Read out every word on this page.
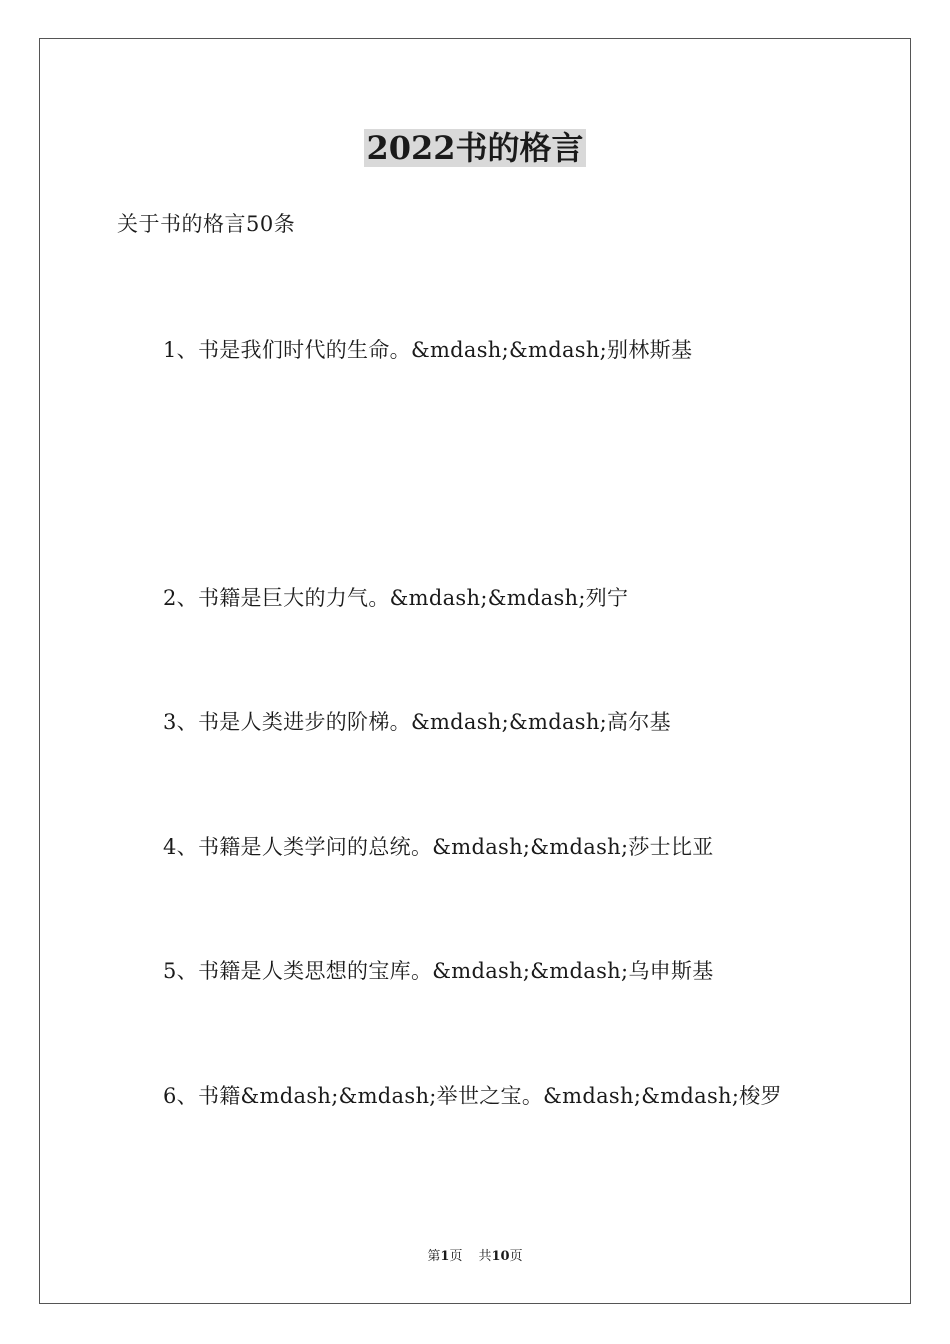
2022书的格言
关于书的格言50条
1、书是我们时代的生命。&mdash;&mdash;别林斯基
2、书籍是巨大的力气。&mdash;&mdash;列宁
3、书是人类进步的阶梯。&mdash;&mdash;高尔基
4、书籍是人类学问的总统。&mdash;&mdash;莎士比亚
5、书籍是人类思想的宝库。&mdash;&mdash;乌申斯基
6、书籍&mdash;&mdash;举世之宝。&mdash;&mdash;梭罗
第1页 共10页
